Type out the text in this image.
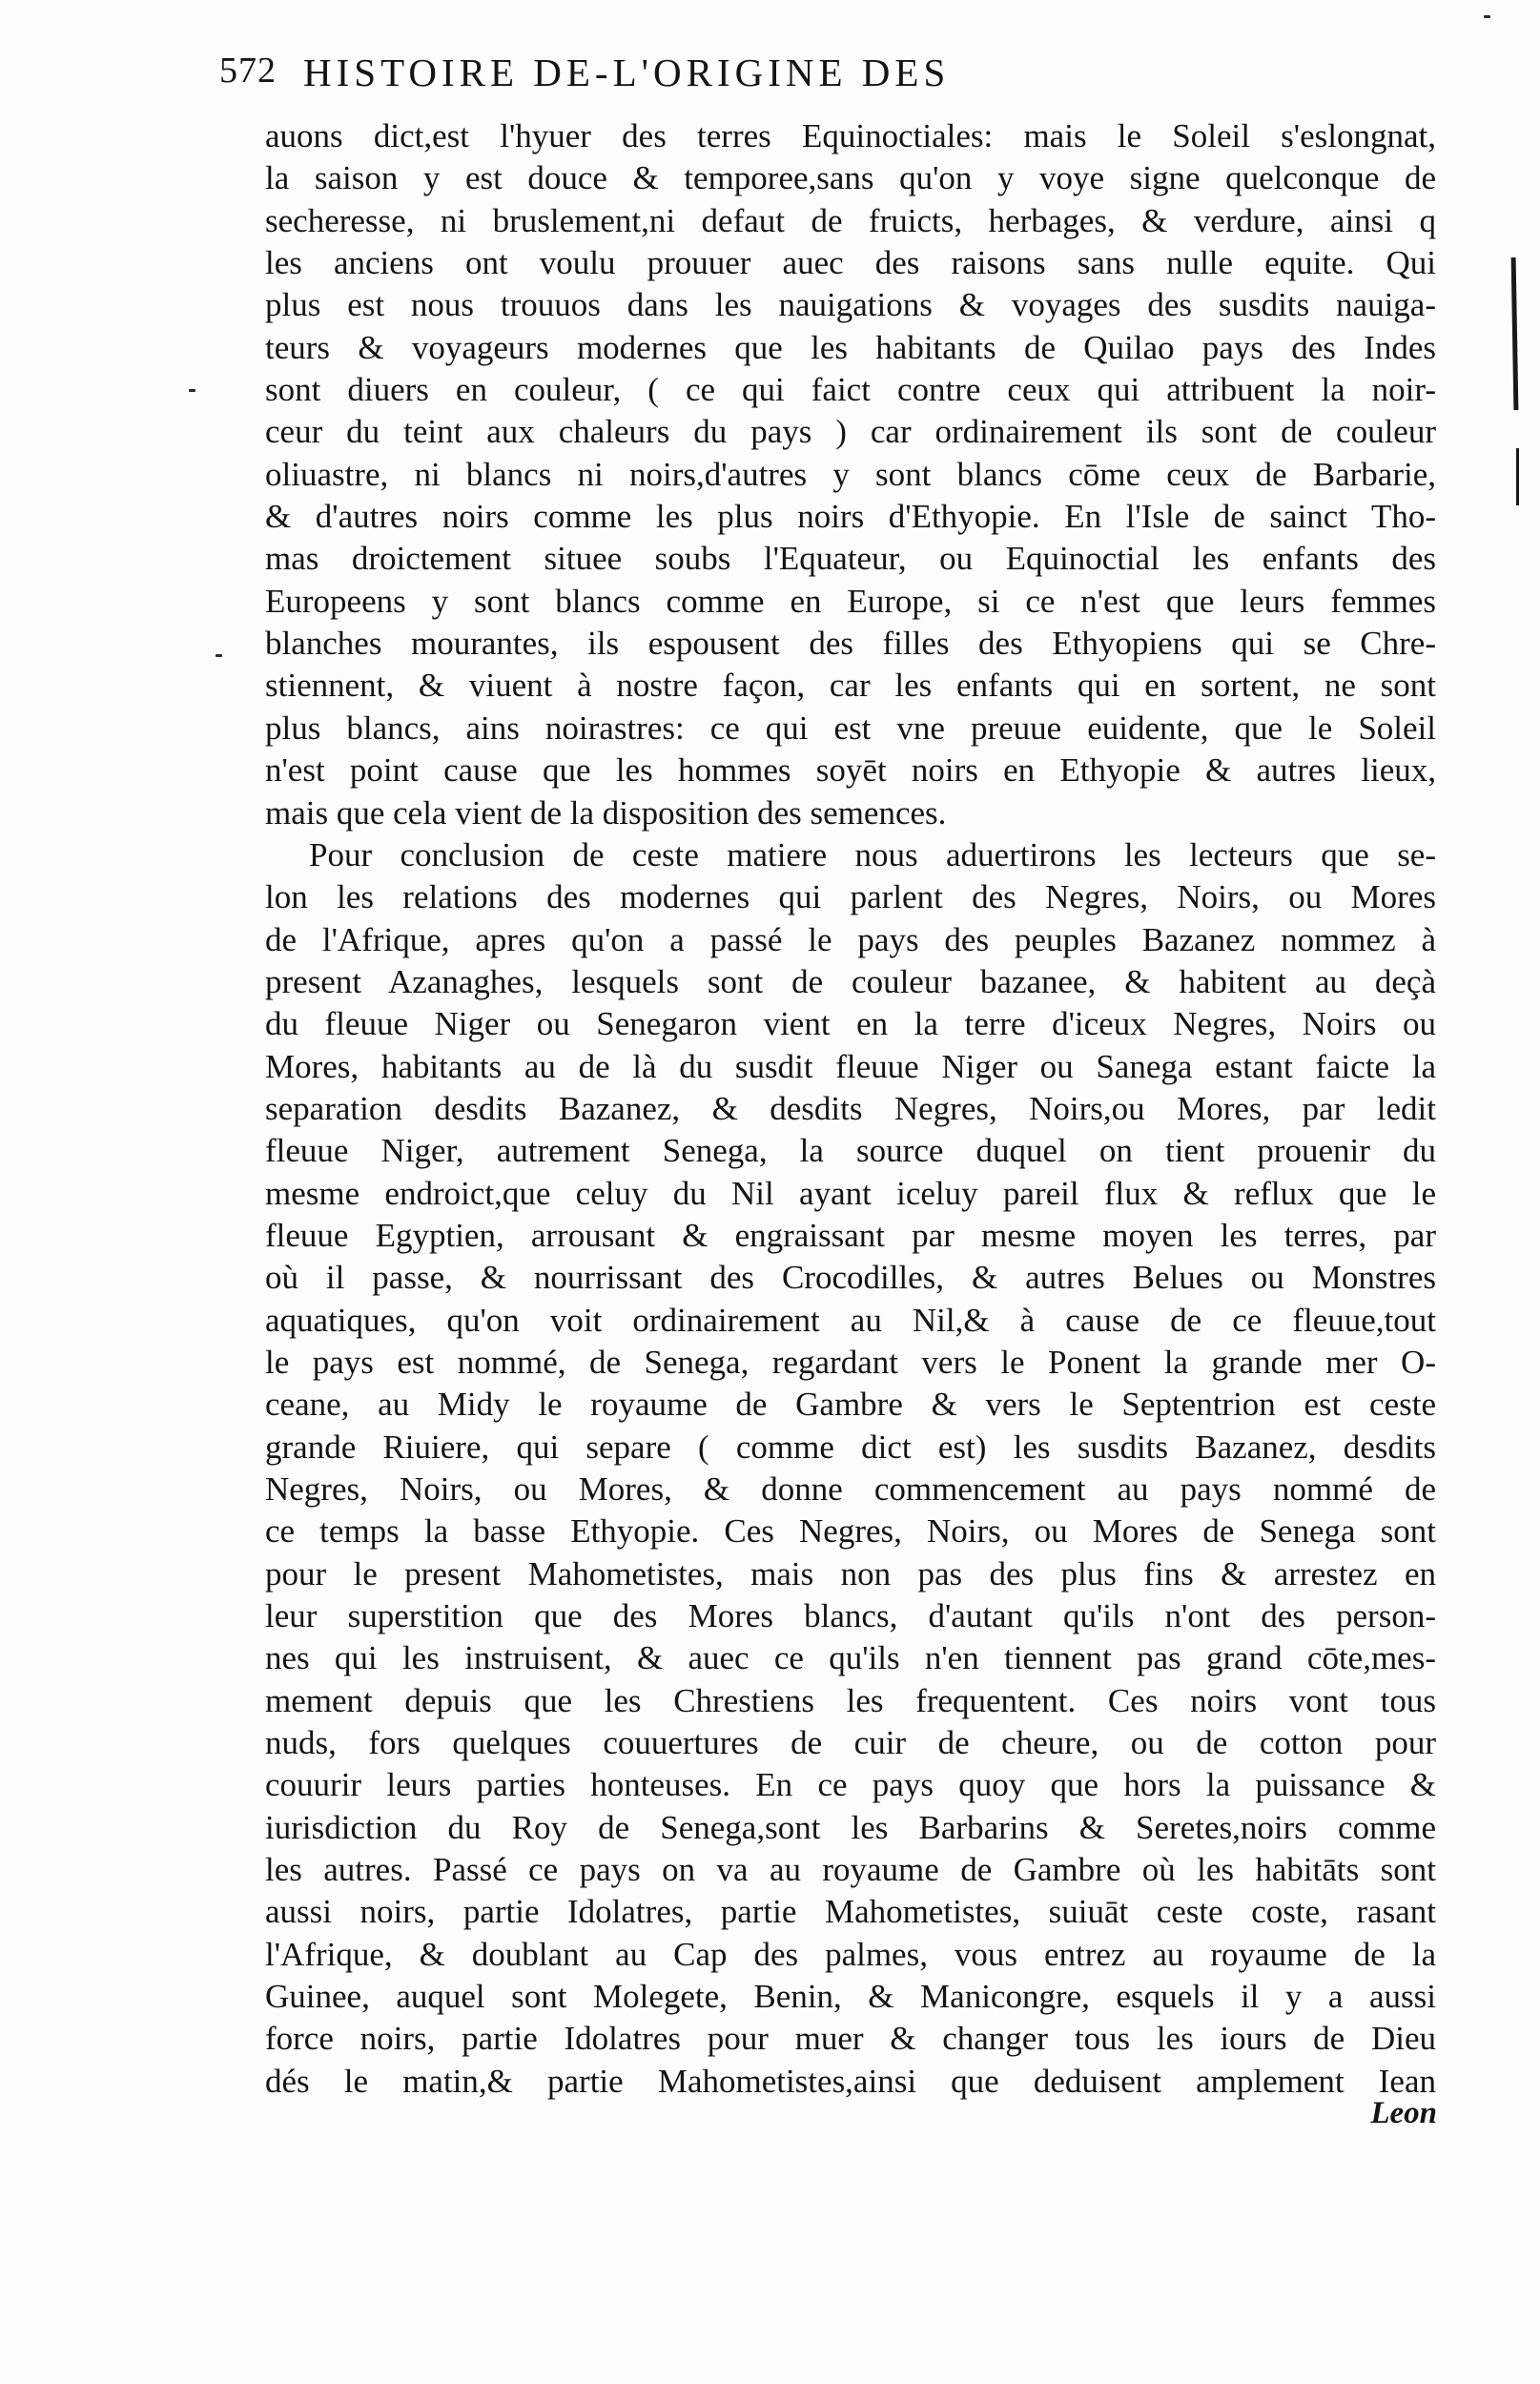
572 HISTOIRE DE-L'ORIGINE DES
auons dict,est l'hyuer des terres Equinoctiales: mais le Soleil s'eslongnat,
la saison y est douce & temporee,sans qu'on y voye signe quelconque de
secheresse, ni bruslement,ni defaut de fruicts, herbages, & verdure, ainsi q
les anciens ont voulu prouuer auec des raisons sans nulle equite. Qui
plus est nous trouuos dans les nauigations & voyages des susdits nauiga-
teurs & voyageurs modernes que les habitants de Quilao pays des Indes
sont diuers en couleur, ( ce qui faict contre ceux qui attribuent la noir-
ceur du teint aux chaleurs du pays ) car ordinairement ils sont de couleur
oliuastre, ni blancs ni noirs,d'autres y sont blancs cōme ceux de Barbarie,
& d'autres noirs comme les plus noirs d'Ethyopie. En l'Isle de sainct Tho-
mas droictement situee soubs l'Equateur, ou Equinoctial les enfants des
Europeens y sont blancs comme en Europe, si ce n'est que leurs femmes
blanches mourantes, ils espousent des filles des Ethyopiens qui se Chre-
stiennent, & viuent à nostre façon, car les enfants qui en sortent, ne sont
plus blancs, ains noirastres: ce qui est vne preuue euidente, que le Soleil
n'est point cause que les hommes soyēt noirs en Ethyopie & autres lieux,
mais que cela vient de la disposition des semences.
Pour conclusion de ceste matiere nous aduertirons les lecteurs que se-
lon les relations des modernes qui parlent des Negres, Noirs, ou Mores
de l'Afrique, apres qu'on a passé le pays des peuples Bazanez nommez à
present Azanaghes, lesquels sont de couleur bazanee, & habitent au deçà
du fleuue Niger ou Senegaron vient en la terre d'iceux Negres, Noirs ou
Mores, habitants au de là du susdit fleuue Niger ou Sanega estant faicte la
separation desdits Bazanez, & desdits Negres, Noirs,ou Mores, par ledit
fleuue Niger, autrement Senega, la source duquel on tient prouenir du
mesme endroict,que celuy du Nil ayant iceluy pareil flux & reflux que le
fleuue Egyptien, arrousant & engraissant par mesme moyen les terres, par
où il passe, & nourrissant des Crocodilles, & autres Belues ou Monstres
aquatiques, qu'on voit ordinairement au Nil,& à cause de ce fleuue,tout
le pays est nommé, de Senega, regardant vers le Ponent la grande mer O-
ceane, au Midy le royaume de Gambre & vers le Septentrion est ceste
grande Riuiere, qui separe ( comme dict est) les susdits Bazanez, desdits
Negres, Noirs, ou Mores, & donne commencement au pays nommé de
ce temps la basse Ethyopie. Ces Negres, Noirs, ou Mores de Senega sont
pour le present Mahometistes, mais non pas des plus fins & arrestez en
leur superstition que des Mores blancs, d'autant qu'ils n'ont des person-
nes qui les instruisent, & auec ce qu'ils n'en tiennent pas grand cōte,mes-
mement depuis que les Chrestiens les frequentent. Ces noirs vont tous
nuds, fors quelques couuertures de cuir de cheure, ou de cotton pour
couurir leurs parties honteuses. En ce pays quoy que hors la puissance &
iurisdiction du Roy de Senega,sont les Barbarins & Seretes,noirs comme
les autres. Passé ce pays on va au royaume de Gambre où les habitāts sont
aussi noirs, partie Idolatres, partie Mahometistes, suiuāt ceste coste, rasant
l'Afrique, & doublant au Cap des palmes, vous entrez au royaume de la
Guinee, auquel sont Molegete, Benin, & Manicongre, esquels il y a aussi
force noirs, partie Idolatres pour muer & changer tous les iours de Dieu
dés le matin,& partie Mahometistes,ainsi que deduisent amplement Iean
Leon
